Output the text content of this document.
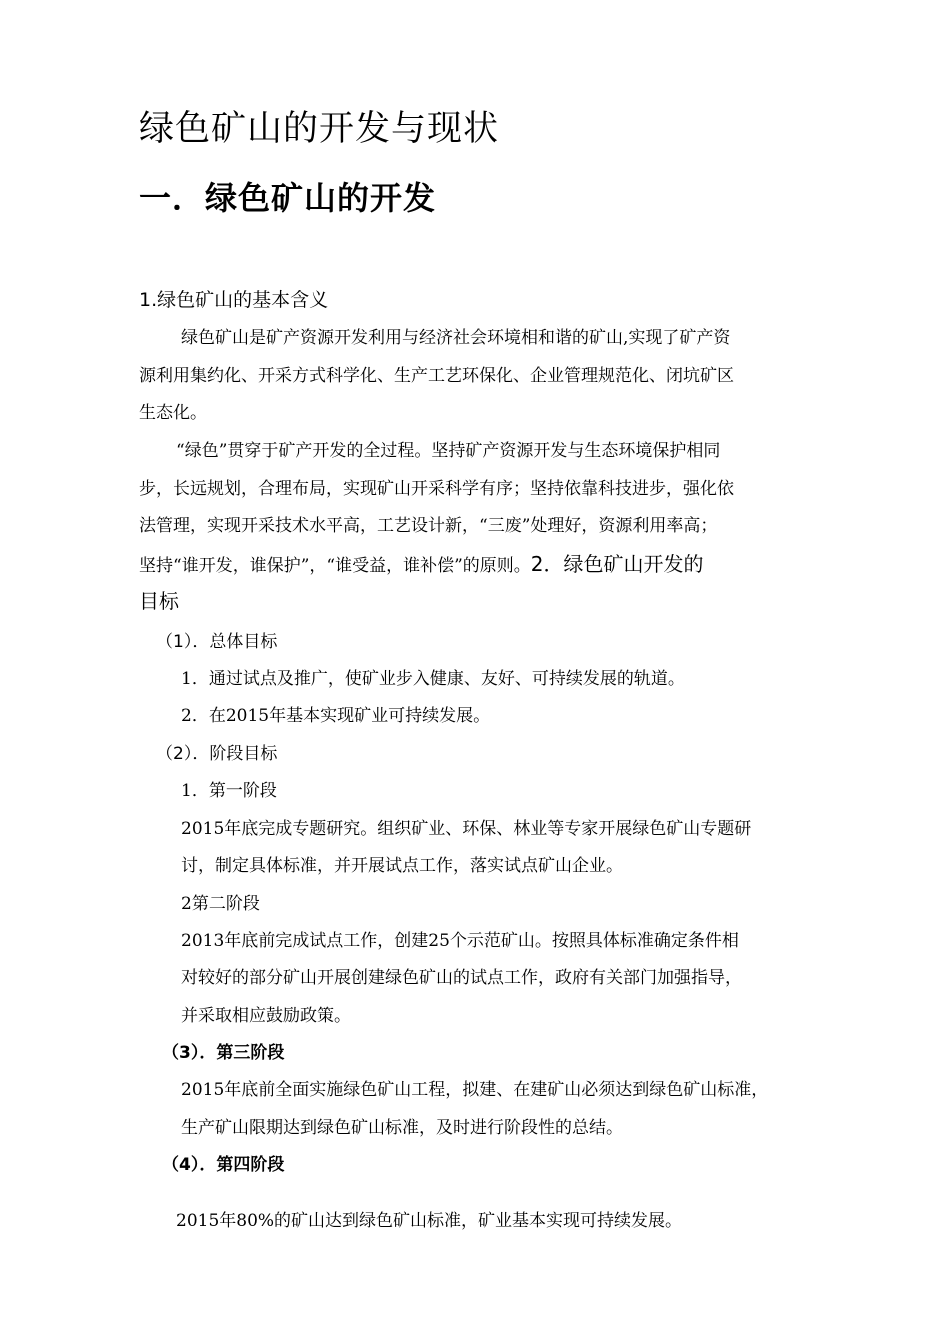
绿色矿山的开发与现状
一．绿色矿山的开发
1.绿色矿山的基本含义
绿色矿山是矿产资源开发利用与经济社会环境相和谐的矿山,实现了矿产资
源利用集约化、开采方式科学化、生产工艺环保化、企业管理规范化、闭坑矿区
生态化。
“绿色”贯穿于矿产开发的全过程。坚持矿产资源开发与生态环境保护相同
步，长远规划，合理布局，实现矿山开采科学有序；坚持依靠科技进步，强化依
法管理，实现开采技术水平高，工艺设计新，“三废”处理好，资源利用率高；
坚持“谁开发，谁保护”，“谁受益，谁补偿”的原则。2．绿色矿山开发的
目标
（1）．总体目标
1．通过试点及推广，使矿业步入健康、友好、可持续发展的轨道。
2．在2015年基本实现矿业可持续发展。
（2）．阶段目标
1．第一阶段
2015年底完成专题研究。组织矿业、环保、林业等专家开展绿色矿山专题研
讨，制定具体标准，并开展试点工作，落实试点矿山企业。
2第二阶段
2013年底前完成试点工作，创建25个示范矿山。按照具体标准确定条件相
对较好的部分矿山开展创建绿色矿山的试点工作，政府有关部门加强指导，
并采取相应鼓励政策。
（3）．第三阶段
2015年底前全面实施绿色矿山工程，拟建、在建矿山必须达到绿色矿山标准，
生产矿山限期达到绿色矿山标准，及时进行阶段性的总结。
（4）．第四阶段
2015年80%的矿山达到绿色矿山标准，矿业基本实现可持续发展。
